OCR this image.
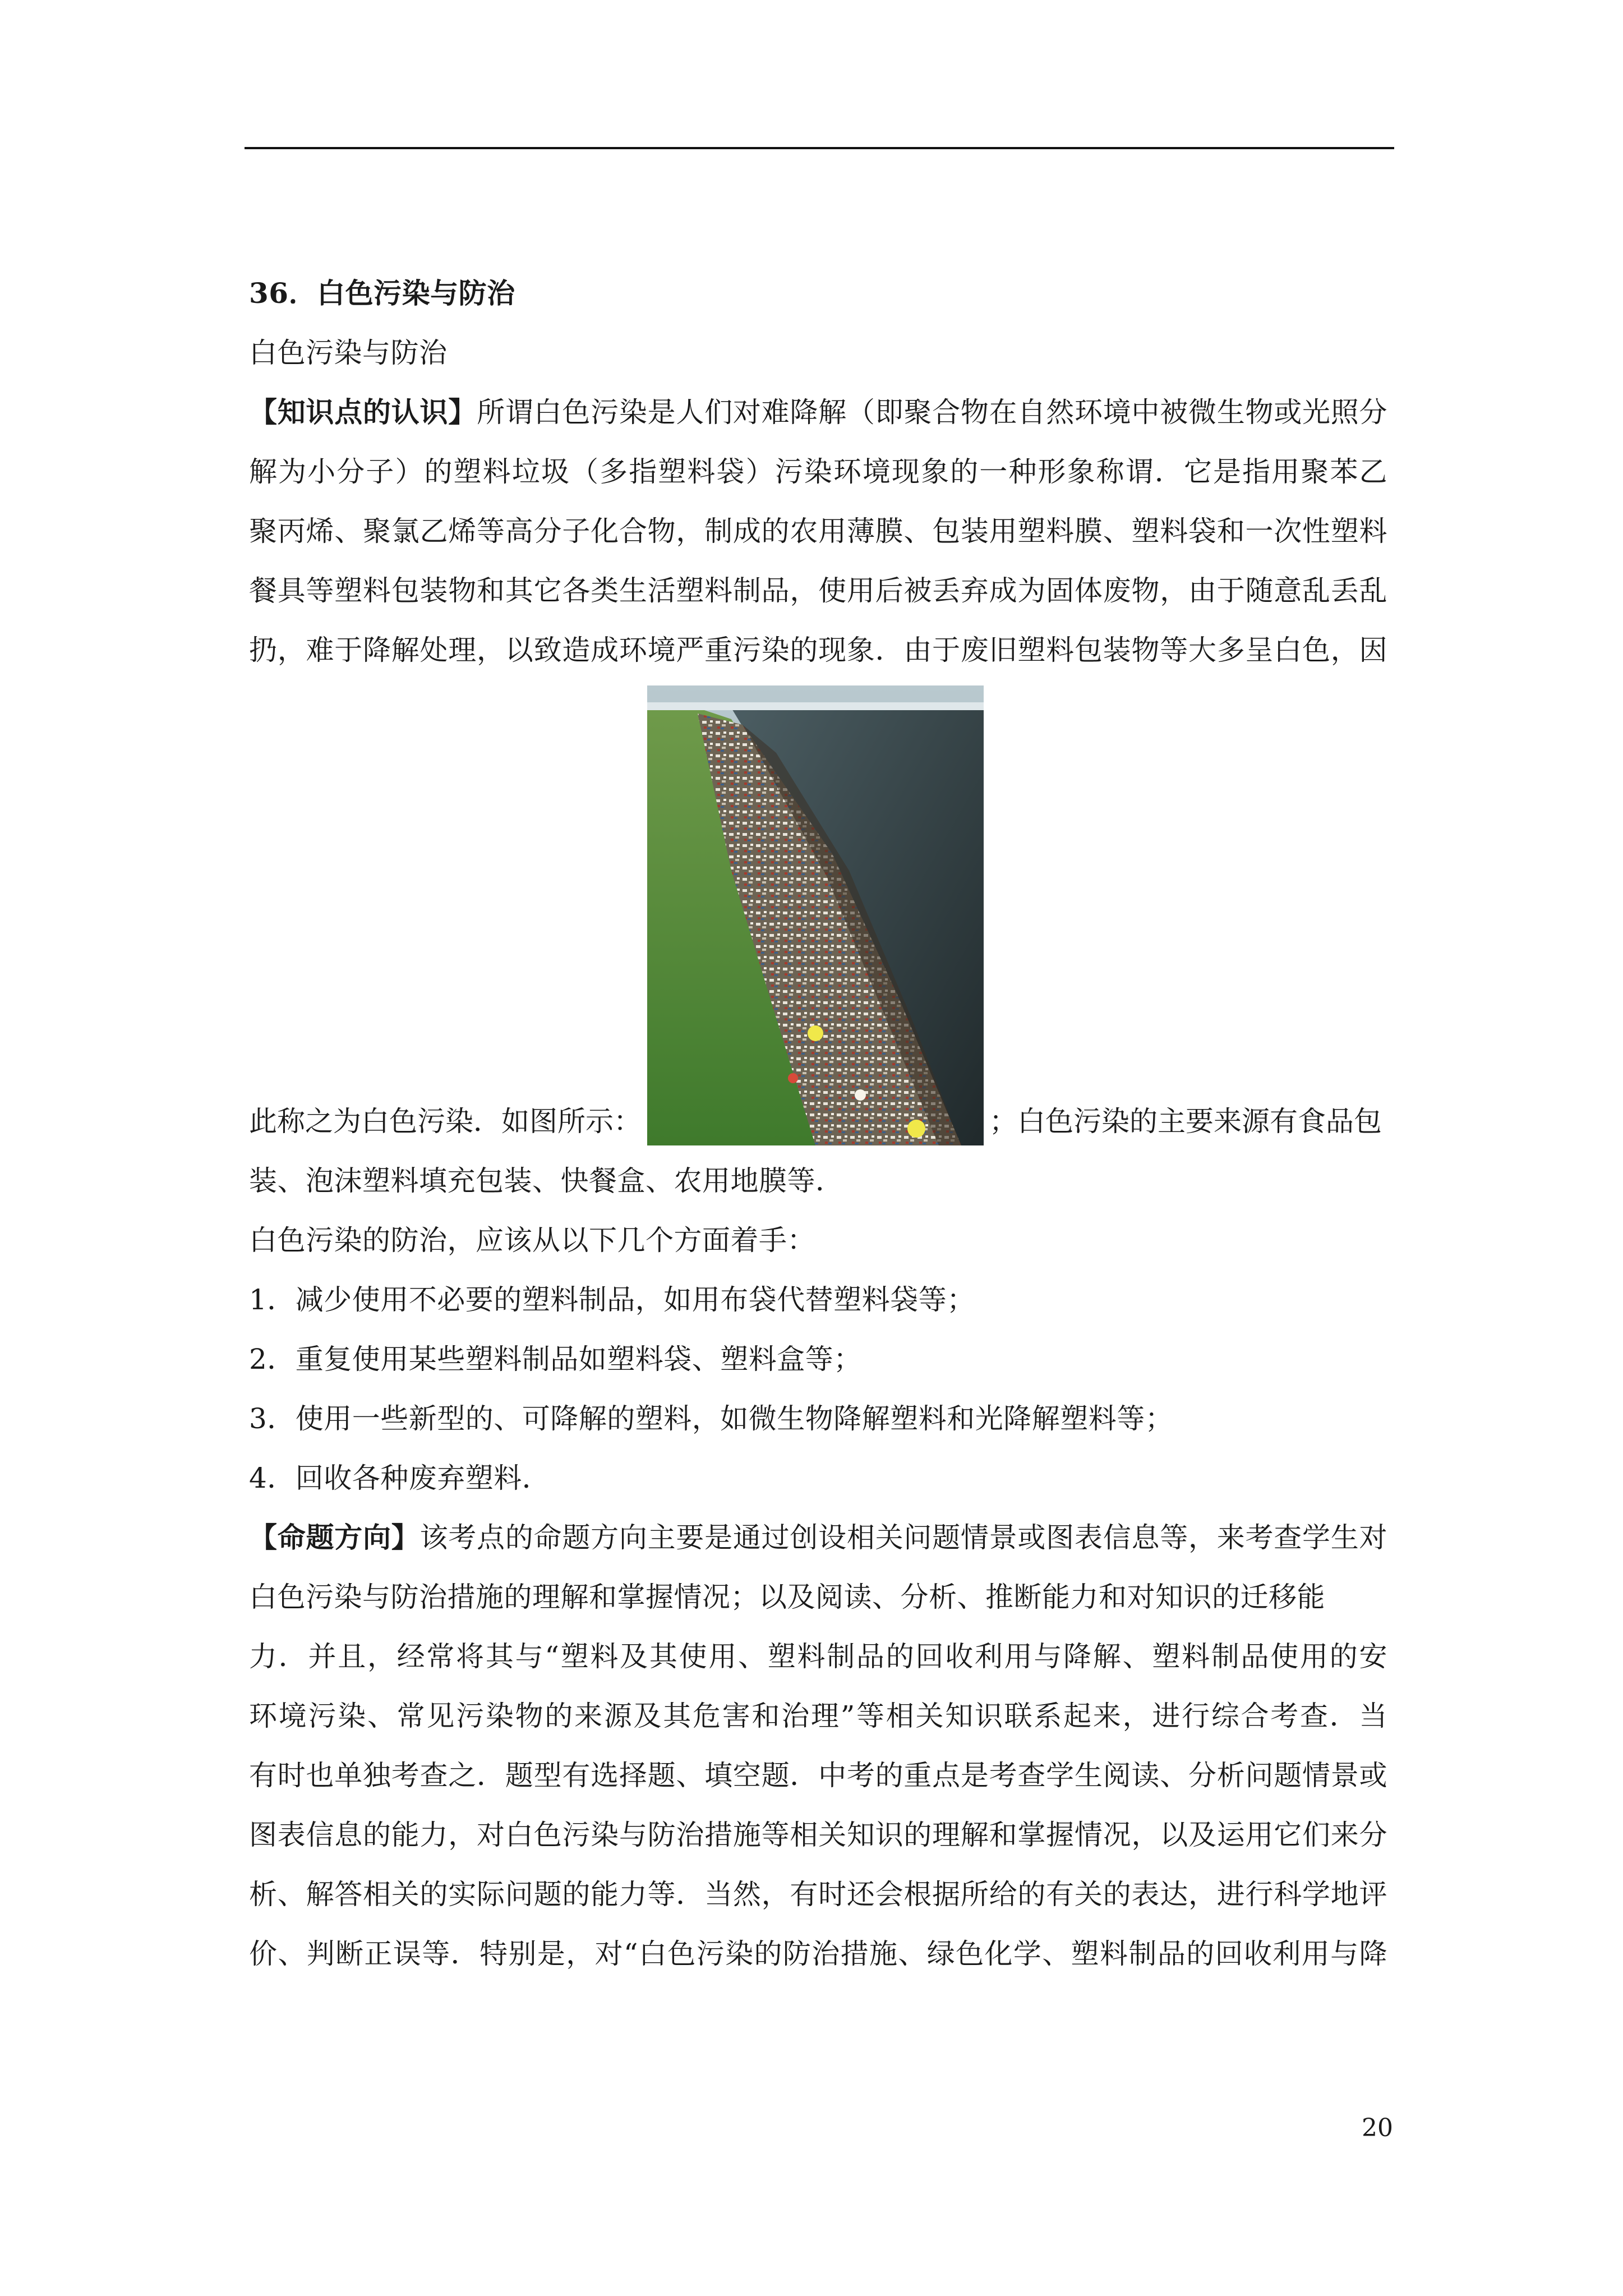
36．白色污染与防治
白色污染与防治
【知识点的认识】所谓白色污染是人们对难降解（即聚合物在自然环境中被微生物或光照分
解为小分子）的塑料垃圾（多指塑料袋）污染环境现象的一种形象称谓．它是指用聚苯乙
聚丙烯、聚氯乙烯等高分子化合物，制成的农用薄膜、包装用塑料膜、塑料袋和一次性塑料
餐具等塑料包装物和其它各类生活塑料制品，使用后被丢弃成为固体废物，由于随意乱丢乱
扔，难于降解处理，以致造成环境严重污染的现象．由于废旧塑料包装物等大多呈白色，因
此称之为白色污染．如图所示：	；白色污染的主要来源有食品包
装、泡沫塑料填充包装、快餐盒、农用地膜等．
白色污染的防治，应该从以下几个方面着手：
1．减少使用不必要的塑料制品，如用布袋代替塑料袋等；
2．重复使用某些塑料制品如塑料袋、塑料盒等；
3．使用一些新型的、可降解的塑料，如微生物降解塑料和光降解塑料等；
4．回收各种废弃塑料．
【命题方向】该考点的命题方向主要是通过创设相关问题情景或图表信息等，来考查学生对
白色污染与防治措施的理解和掌握情况；以及阅读、分析、推断能力和对知识的迁移能
力．并且，经常将其与“塑料及其使用、塑料制品的回收利用与降解、塑料制品使用的安
环境污染、常见污染物的来源及其危害和治理”等相关知识联系起来，进行综合考查．当
有时也单独考查之．题型有选择题、填空题．中考的重点是考查学生阅读、分析问题情景或
图表信息的能力，对白色污染与防治措施等相关知识的理解和掌握情况，以及运用它们来分
析、解答相关的实际问题的能力等．当然，有时还会根据所给的有关的表达，进行科学地评
价、判断正误等．特别是，对“白色污染的防治措施、绿色化学、塑料制品的回收利用与降
20
